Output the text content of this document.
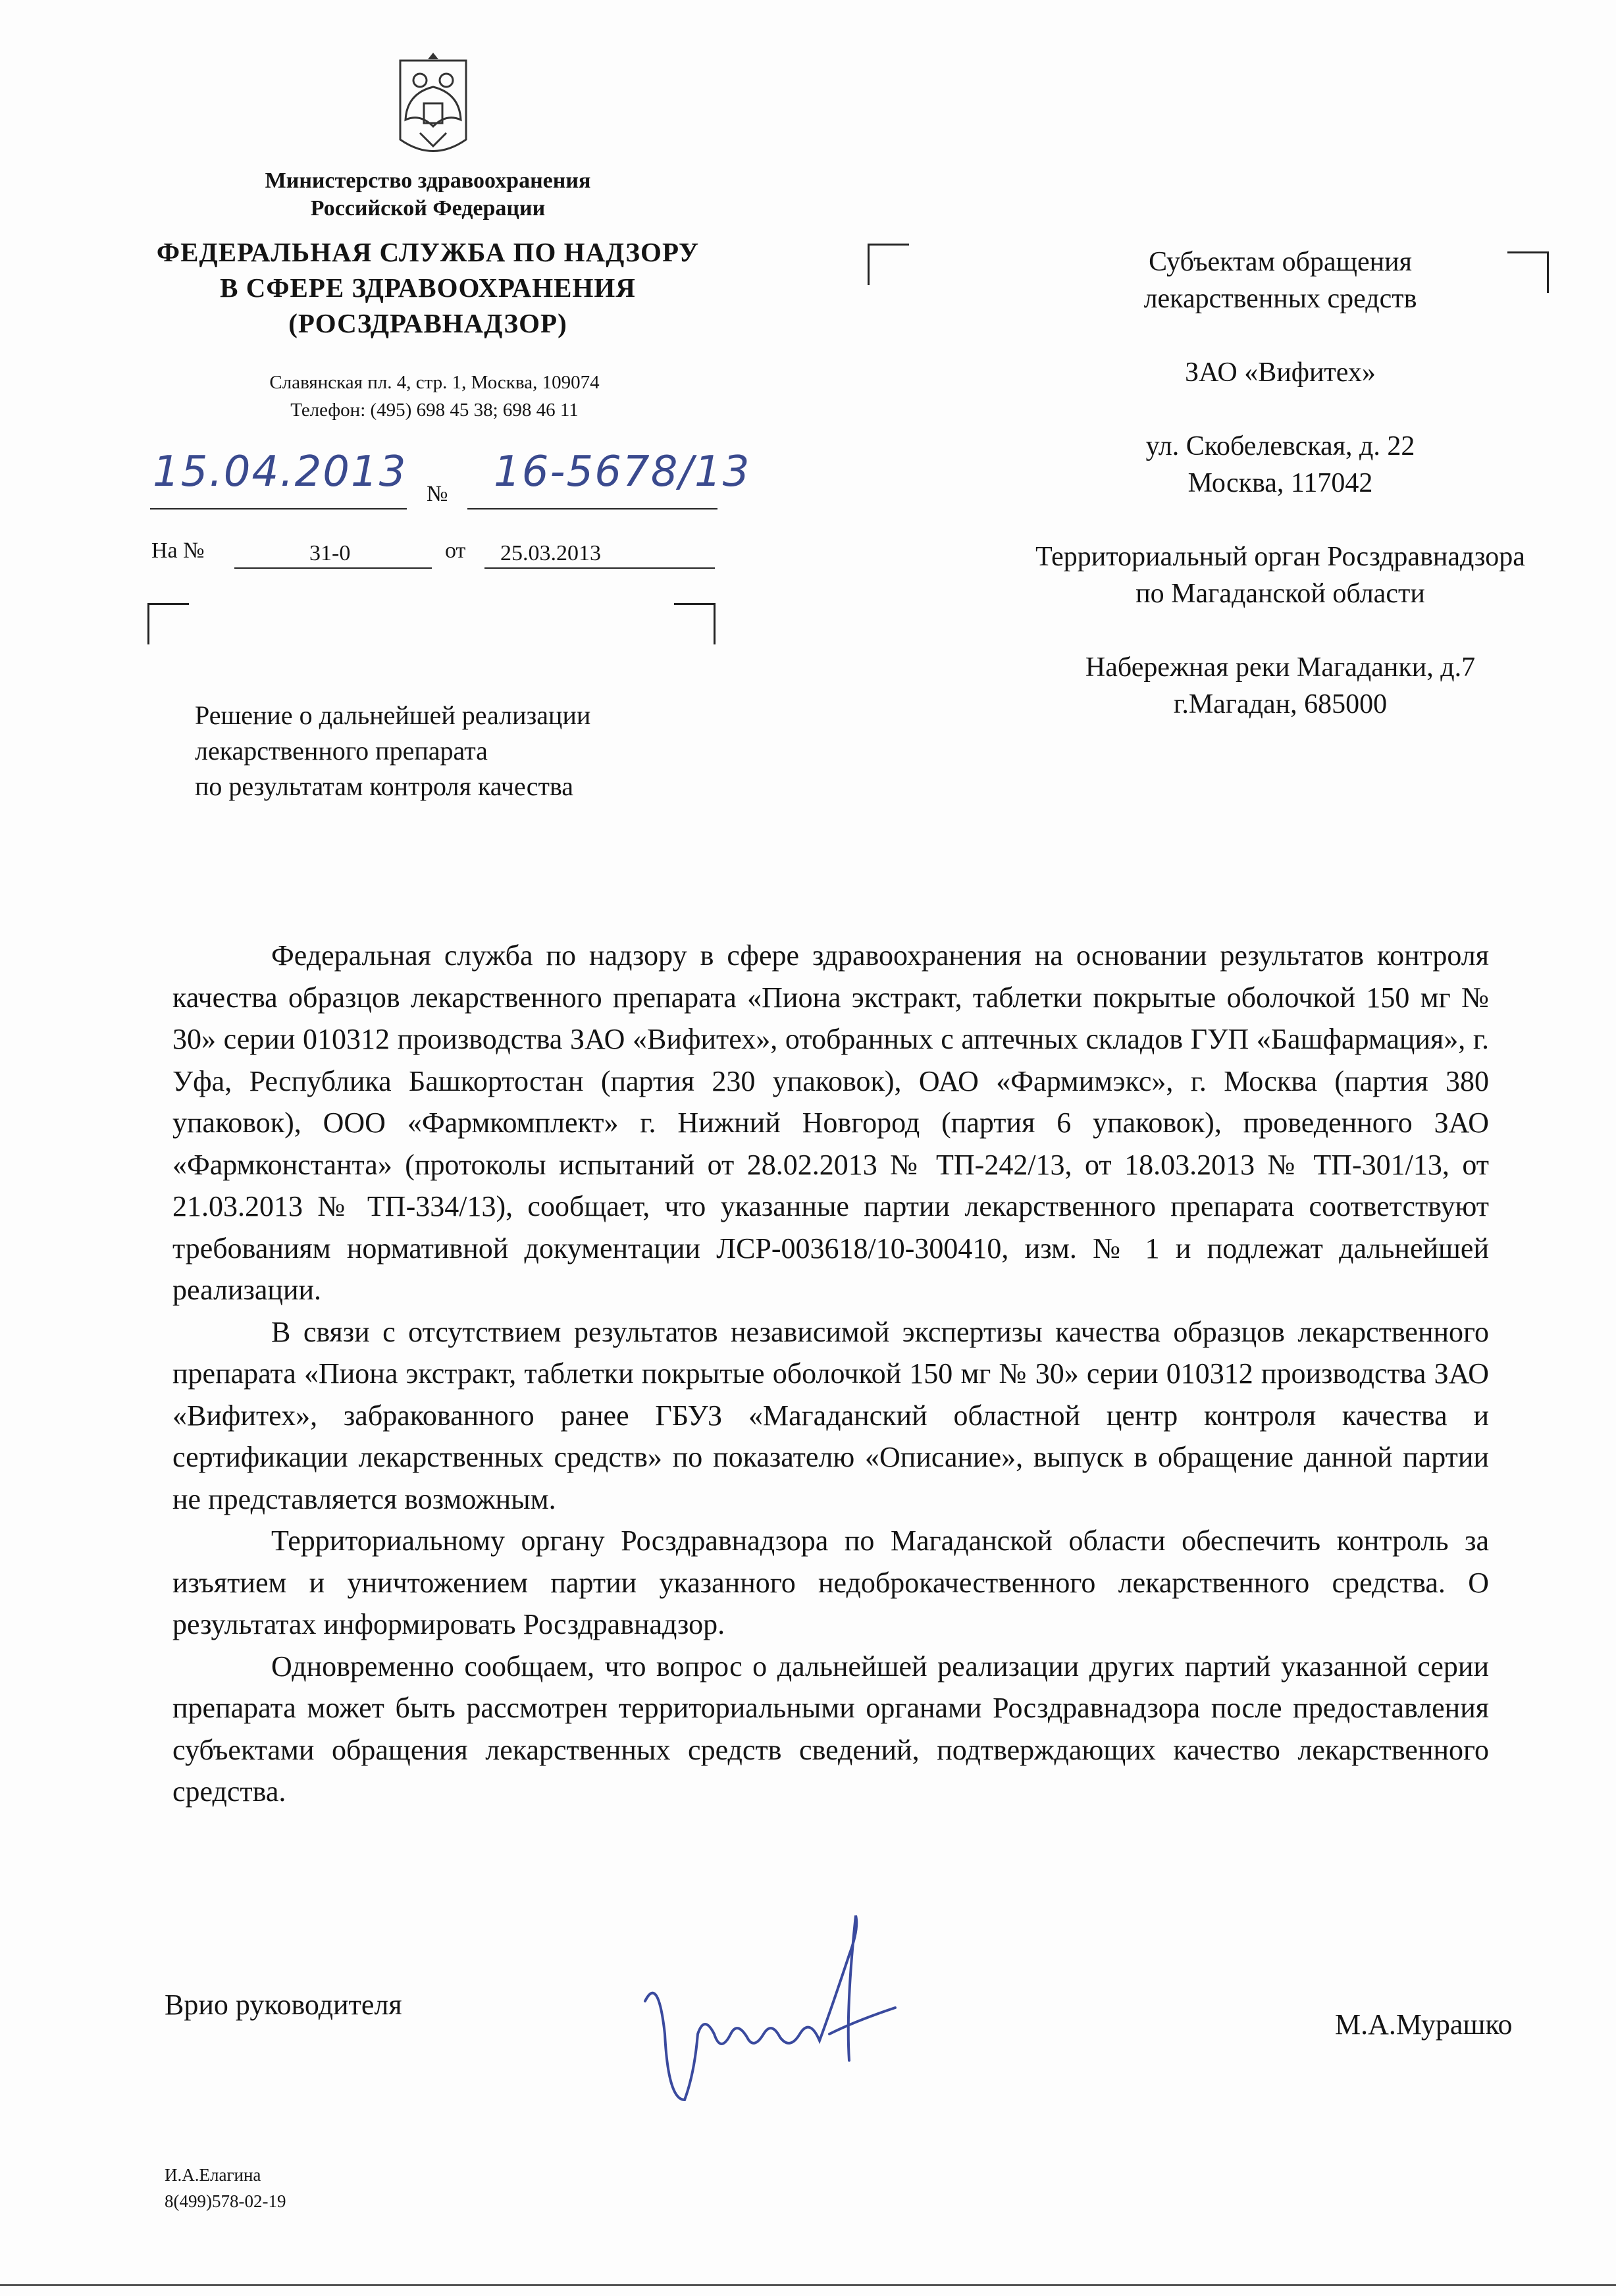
Министерство здравоохранения
Российской Федерации
ФЕДЕРАЛЬНАЯ СЛУЖБА ПО НАДЗОРУ
В СФЕРЕ ЗДРАВООХРАНЕНИЯ
(РОСЗДРАВНАДЗОР)
Славянская пл. 4, стр. 1, Москва, 109074
Телефон: (495) 698 45 38; 698 46 11
15.04.2013 № 16-5678/13
На №	31-0	от 25.03.2013
Решение о дальнейшей реализации
лекарственного препарата
по результатам контроля качества

Субъектам обращения

лекарственных средств

ЗАО «Вифитех»

ул. Скобелевская, д. 22

Москва, 117042

Территориальный орган Росздравнадзора

по Магаданской области

Набережная реки Магаданки, д.7

г.Магадан, 685000

Федеральная служба по надзору в сфере здравоохранения на основании результатов контроля качества образцов лекарственного препарата «Пиона экстракт, таблетки покрытые оболочкой 150 мг № 30» серии 010312 производства ЗАО «Вифитех», отобранных с аптечных складов ГУП «Башфармация», г. Уфа, Республика Башкортостан (партия 230 упаковок), ОАО «Фармимэкс», г. Москва (партия 380 упаковок), ООО «Фармкомплект» г. Нижний Новгород (партия 6 упаковок), проведенного ЗАО «Фармконстанта» (протоколы испытаний от 28.02.2013 № ТП-242/13, от 18.03.2013 № ТП-301/13, от 21.03.2013 № ТП-334/13), сообщает, что указанные партии лекарственного препарата соответствуют требованиям нормативной документации ЛСР-003618/10-300410, изм. № 1 и подлежат дальнейшей реализации.

В связи с отсутствием результатов независимой экспертизы качества образцов лекарственного препарата «Пиона экстракт, таблетки покрытые оболочкой 150 мг № 30» серии 010312 производства ЗАО «Вифитех», забракованного ранее ГБУЗ «Магаданский областной центр контроля качества и сертификации лекарственных средств» по показателю «Описание», выпуск в обращение данной партии не представляется возможным.

Территориальному органу Росздравнадзора по Магаданской области обеспечить контроль за изъятием и уничтожением партии указанного недоброкачественного лекарственного средства. О результатах информировать Росздравнадзор.

Одновременно сообщаем, что вопрос о дальнейшей реализации других партий указанной серии препарата может быть рассмотрен территориальными органами Росздравнадзора после предоставления субъектами обращения лекарственных средств сведений, подтверждающих качество лекарственного средства.

Врио руководителя
М.А.Мурашко
И.А.Елагина
8(499)578-02-19
